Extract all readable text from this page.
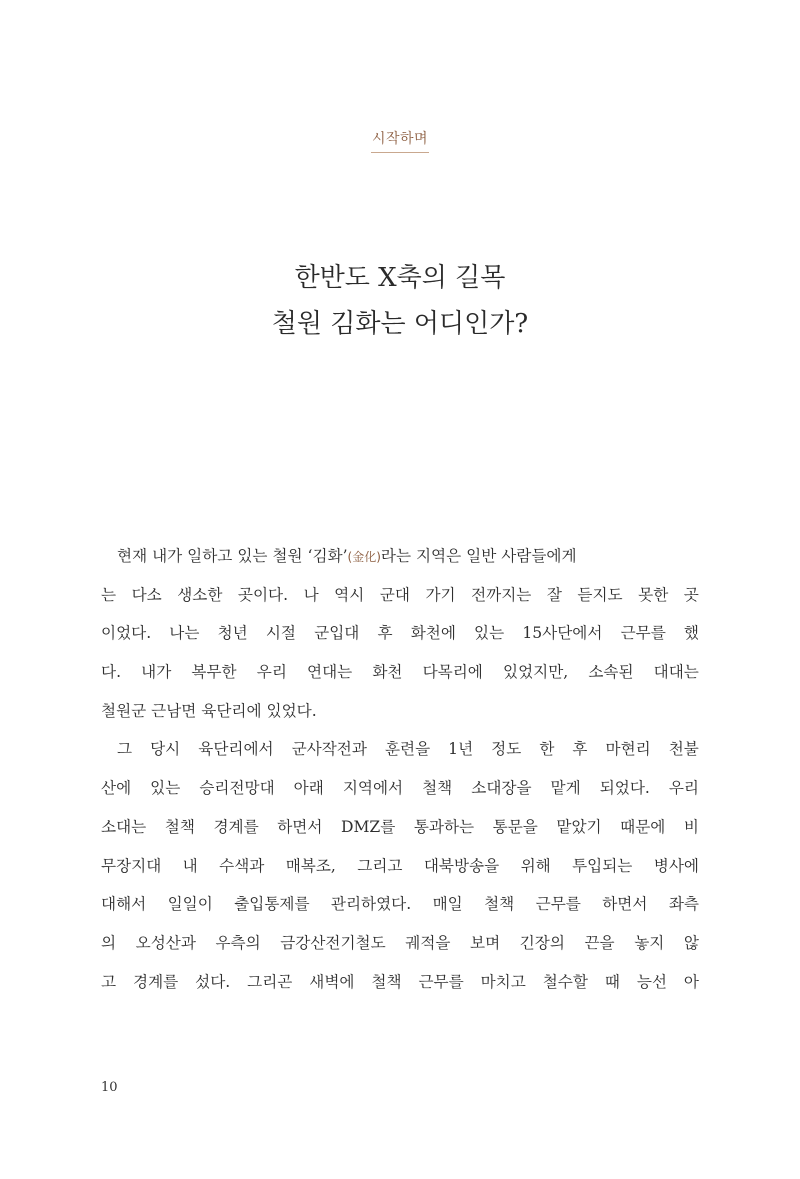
시작하며
한반도 X축의 길목
철원 김화는 어디인가?
현재 내가 일하고 있는 철원 ‘김화’(金化)라는 지역은 일반 사람들에게
는 다소 생소한 곳이다. 나 역시 군대 가기 전까지는 잘 듣지도 못한 곳
이었다. 나는 청년 시절 군입대 후 화천에 있는 15사단에서 근무를 했
다. 내가 복무한 우리 연대는 화천 다목리에 있었지만, 소속된 대대는
철원군 근남면 육단리에 있었다.
그 당시 육단리에서 군사작전과 훈련을 1년 정도 한 후 마현리 천불
산에 있는 승리전망대 아래 지역에서 철책 소대장을 맡게 되었다. 우리
소대는 철책 경계를 하면서 DMZ를 통과하는 통문을 맡았기 때문에 비
무장지대 내 수색과 매복조, 그리고 대북방송을 위해 투입되는 병사에
대해서 일일이 출입통제를 관리하였다. 매일 철책 근무를 하면서 좌측
의 오성산과 우측의 금강산전기철도 궤적을 보며 긴장의 끈을 놓지 않
고 경계를 섰다. 그리곤 새벽에 철책 근무를 마치고 철수할 때 능선 아
10
